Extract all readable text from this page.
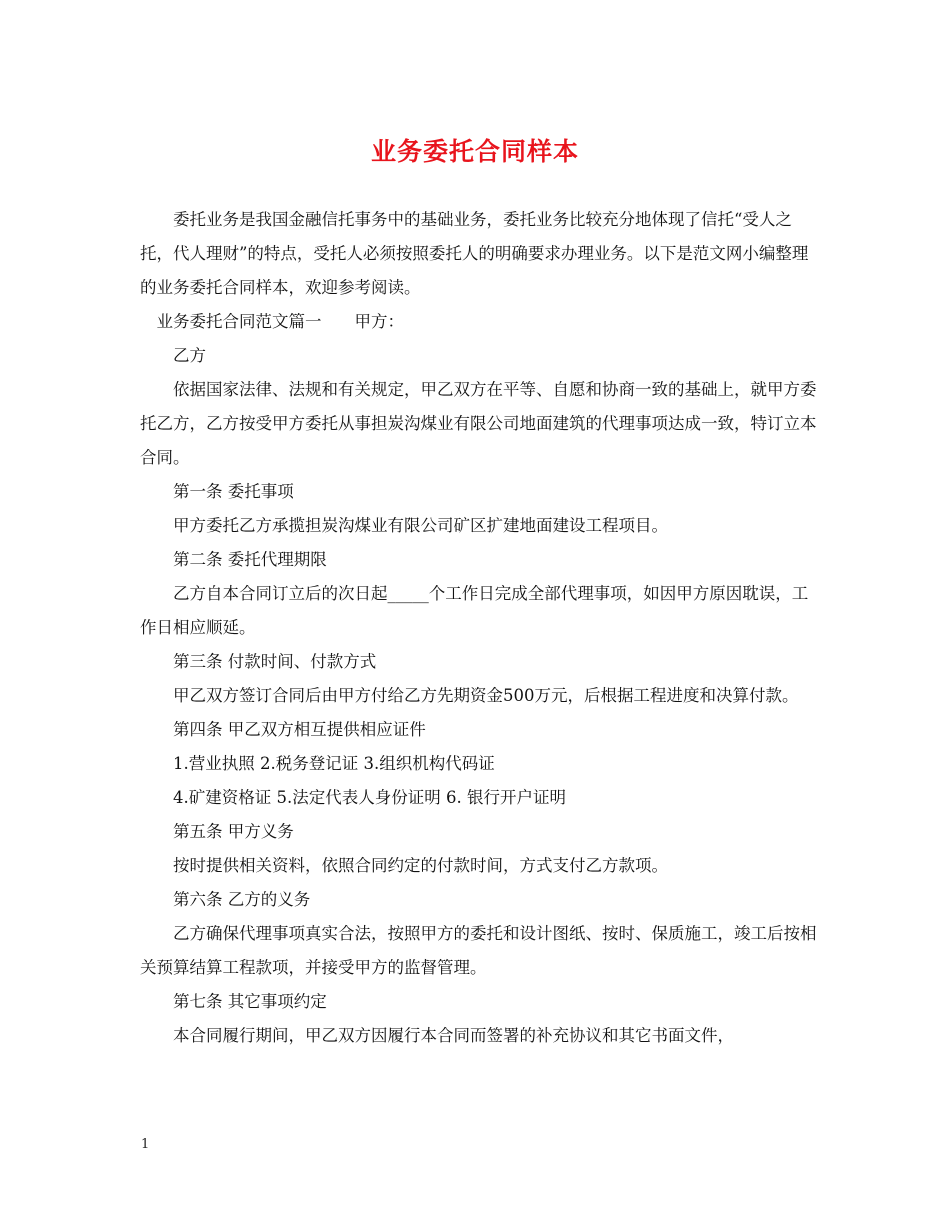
业务委托合同样本

委托业务是我国金融信托事务中的基础业务，委托业务比较充分地体现了信托“受人之托，代人理财”的特点，受托人必须按照委托人的明确要求办理业务。以下是范文网小编整理的业务委托合同样本，欢迎参考阅读。

业务委托合同范文篇一　　甲方：

乙方

依据国家法律、法规和有关规定，甲乙双方在平等、自愿和协商一致的基础上，就甲方委托乙方，乙方按受甲方委托从事担炭沟煤业有限公司地面建筑的代理事项达成一致，特订立本合同。

第一条 委托事项

甲方委托乙方承揽担炭沟煤业有限公司矿区扩建地面建设工程项目。

第二条 委托代理期限

乙方自本合同订立后的次日起_____个工作日完成全部代理事项，如因甲方原因耽误，工作日相应顺延。

第三条 付款时间、付款方式

甲乙双方签订合同后由甲方付给乙方先期资金500万元，后根据工程进度和决算付款。

第四条 甲乙双方相互提供相应证件

1.营业执照 2.税务登记证 3.组织机构代码证

4.矿建资格证 5.法定代表人身份证明 6. 银行开户证明

第五条 甲方义务

按时提供相关资料，依照合同约定的付款时间，方式支付乙方款项。

第六条 乙方的义务

乙方确保代理事项真实合法，按照甲方的委托和设计图纸、按时、保质施工，竣工后按相关预算结算工程款项，并接受甲方的监督管理。

第七条 其它事项约定

本合同履行期间，甲乙双方因履行本合同而签署的补充协议和其它书面文件，

1
